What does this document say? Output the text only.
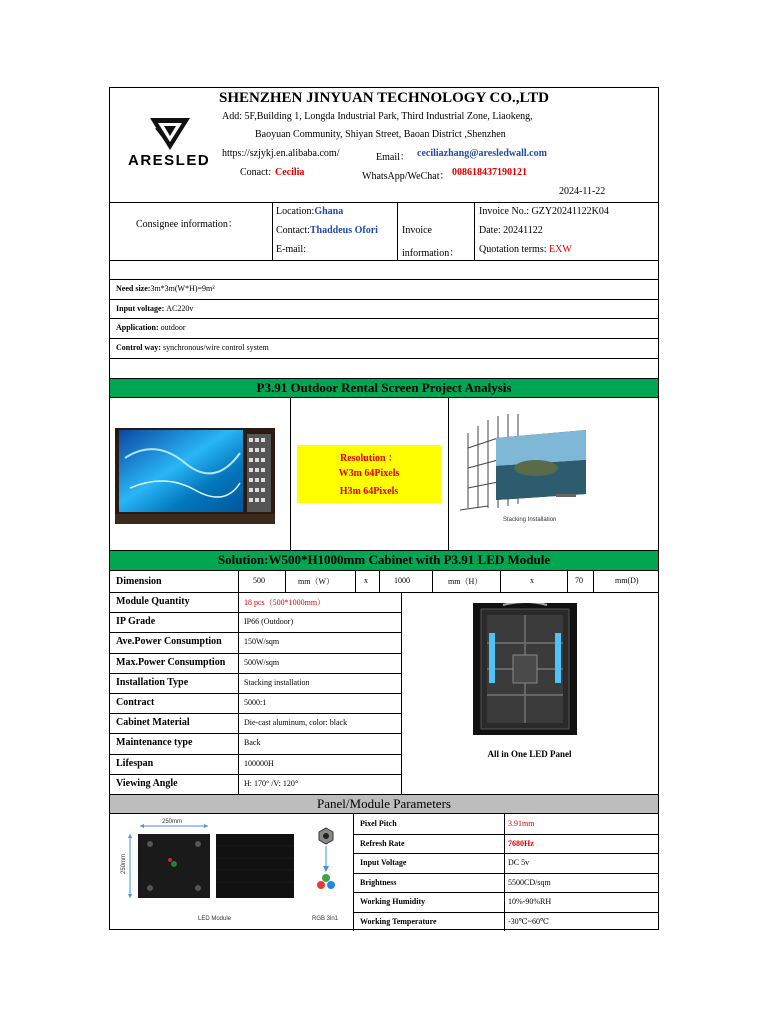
ARESLED
SHENZHEN JINYUAN TECHNOLOGY CO.,LTD
Add: 5F,Building 1, Longda Industrial Park, Third Industrial Zone, Liaokeng,
Baoyuan Community, Shiyan Street, Baoan District ,Shenzhen
https://szjykj.en.alibaba.com/	Email： ceciliazhang@aresledwall.com
Conact: Cecilia	WhatsApp/WeChat： 008618437190121
2024-11-22
Consignee information：
Location:Ghana
Contact:Thaddeus Ofori
E-mail:
Invoice
information：
Invoice No.: GZY20241122K04
Date: 20241122
Quotation terms: EXW
Need size:3m*3m(W*H)=9m²
Input voltage: AC220v
Application: outdoor
Control way: synchronous/wire control system
P3.91 Outdoor Rental Screen Project Analysis
Resolution ：
W3m 64Pixels
H3m 64Pixels
Stacking Installation
Solution:W500*H1000mm Cabinet with P3.91 LED Module
Dimension	500	mm（W）	x	1000	mm（H）	x	70	mm(D)
Module Quantity	18 pcs（500*1000mm）
IP Grade	IP66 (Outdoor)
Ave.Power Consumption	150W/sqm
Max.Power Consumption 500W/sqm
Installation Type	Stacking installation
Contract	5000:1
Cabinet Material	Die-cast aluminum, color: black
Maintenance type	Back
Lifespan	100000H
Viewing Angle	H: 170° /V: 120°
All in One LED Panel
Panel/Module Parameters
Pixel Pitch	3.91mm
Refresh Rate	7680Hz
Input Voltage	DC 5v
Brightness	5500CD/sqm
Working Humidity	10%-90%RH
Working Temperature	-30℃~60℃
250mm
250mm
LED Module	RGB 3in1
